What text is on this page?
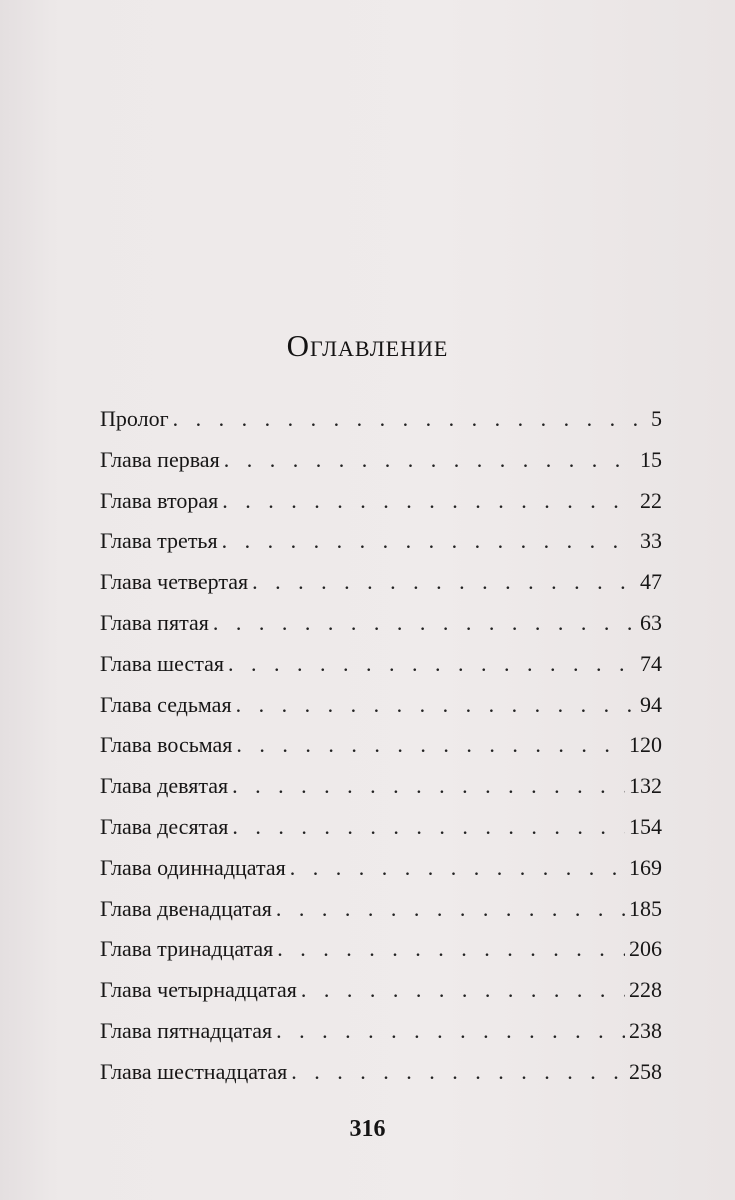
Оглавление
Пролог . . .	5
Глава первая . . .	15
Глава вторая . . .	22
Глава третья . . .	33
Глава четвертая . . .	47
Глава пятая . . .	63
Глава шестая . . .	74
Глава седьмая . . .	94
Глава восьмая . . .	120
Глава девятая . . .	132
Глава десятая . . .	154
Глава одиннадцатая . . .	169
Глава двенадцатая . . .	185
Глава тринадцатая . . .	206
Глава четырнадцатая . . .	228
Глава пятнадцатая . . .	238
Глава шестнадцатая . . .	258
316
